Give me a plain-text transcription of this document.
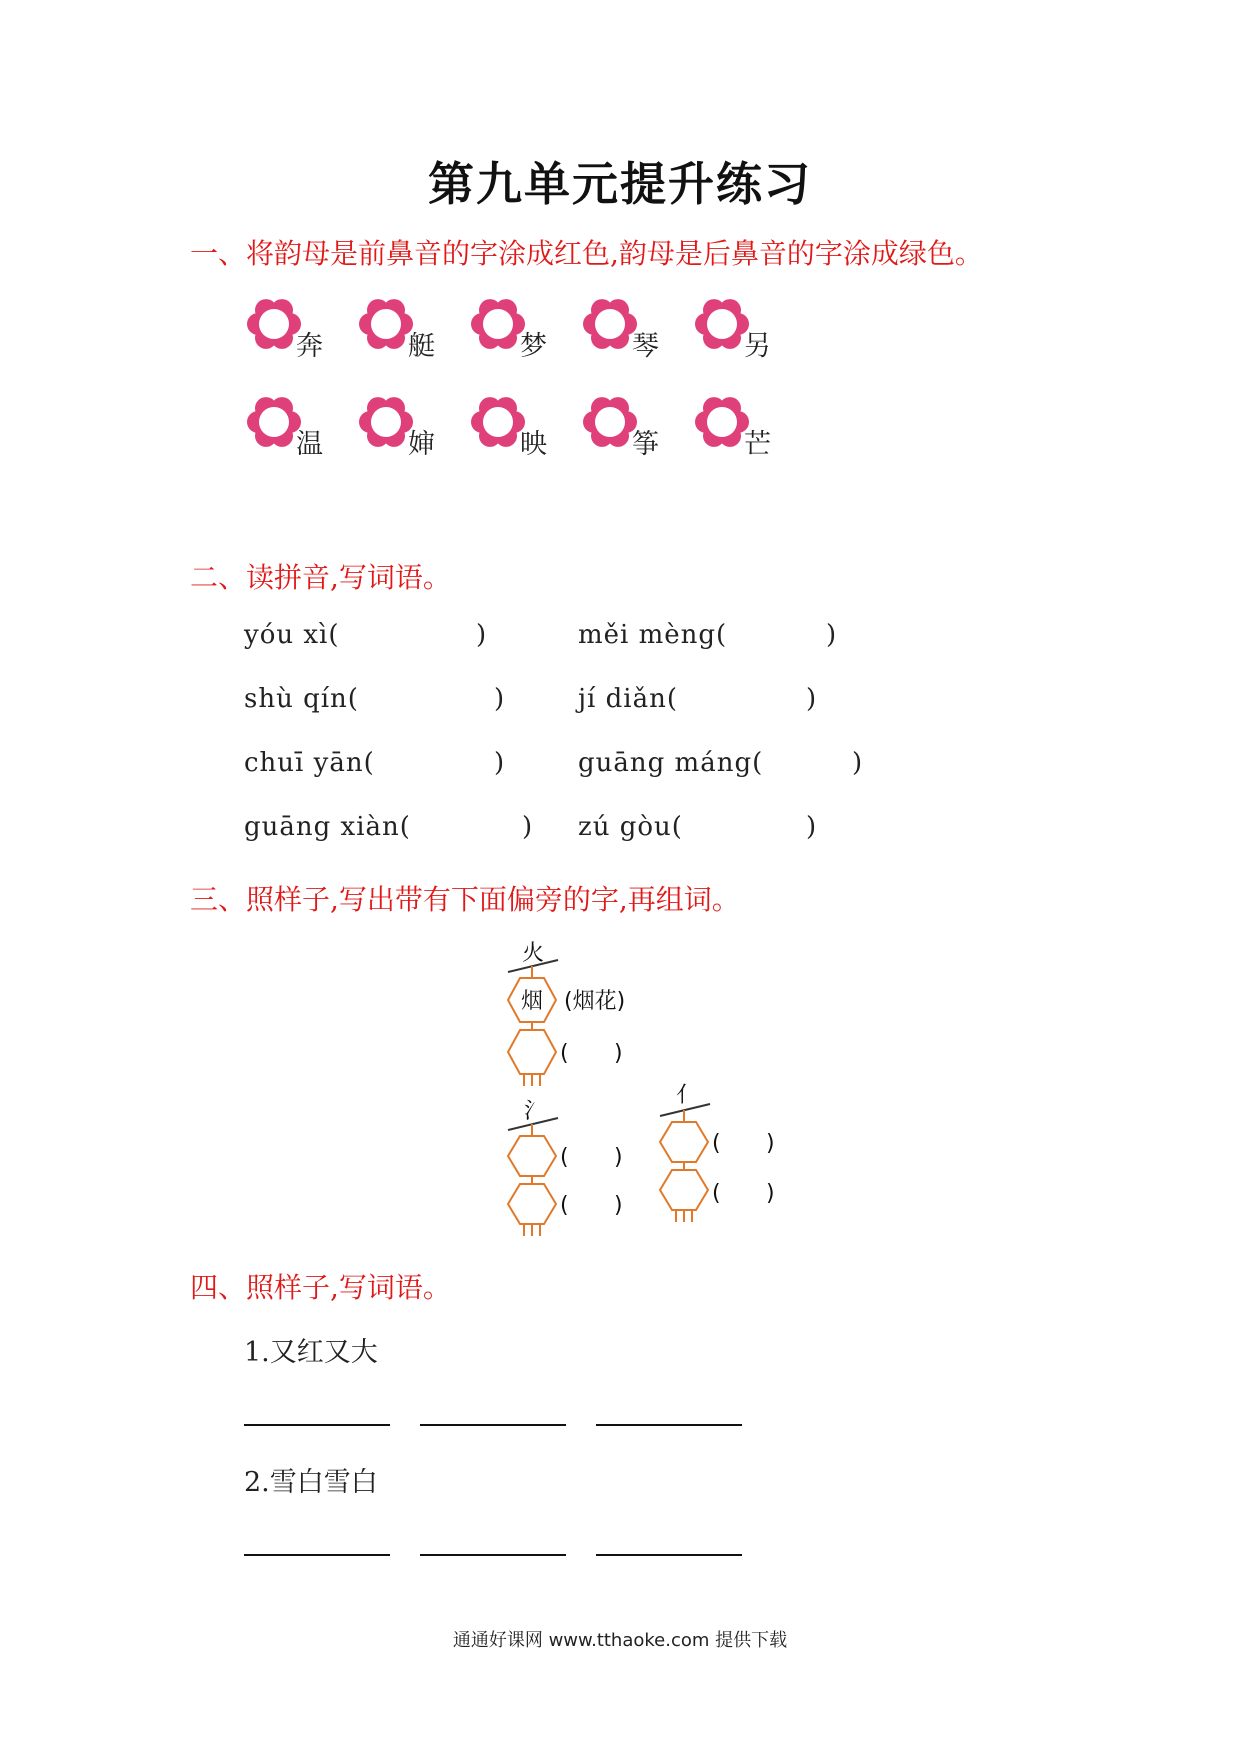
第九单元提升练习
一、将韵母是前鼻音的字涂成红色,韵母是后鼻音的字涂成绿色。
奔	艇	梦	琴	另
温	婶	映	筝	芒
二、读拼音,写词语。
yóu xì(	)	měi mèng(	)
shù qín(	)	jí diǎn(	)
chuī yān(	)	guāng máng(	)
guāng xiàn(	) zú gòu(	)
三、照样子,写出带有下面偏旁的字,再组词。
火
烟 (烟花)
( )
氵
( )
( )
亻
( )
( )
四、照样子,写词语。
1.又红又大
2.雪白雪白
通通好课网 www.tthaoke.com 提供下载
